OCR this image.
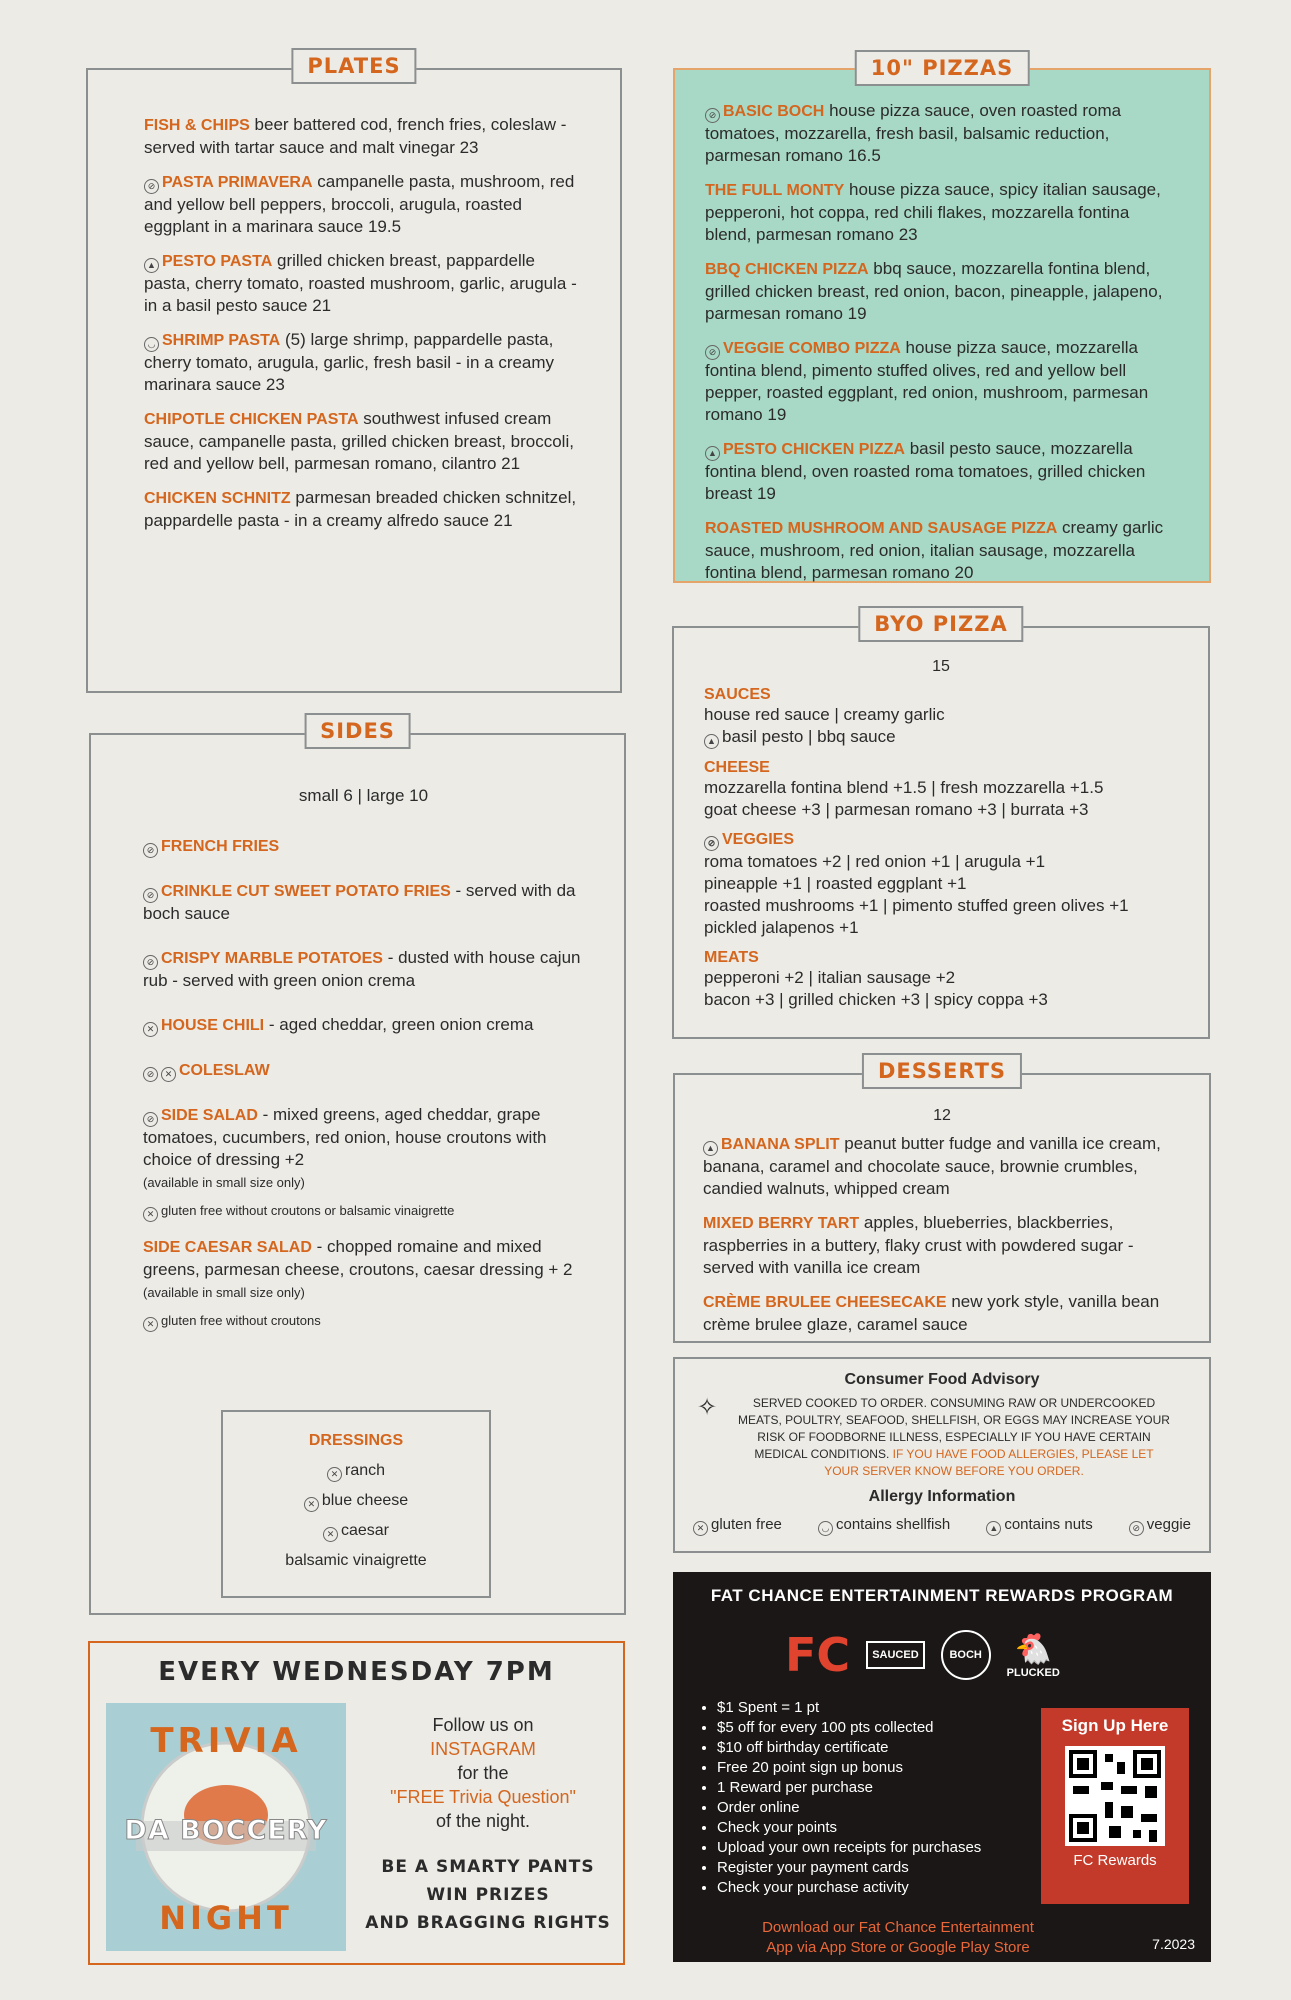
PLATES
FISH & CHIPS beer battered cod, french fries, coleslaw - served with tartar sauce and malt vinegar 23
⊘ PASTA PRIMAVERA campanelle pasta, mushroom, red and yellow bell peppers, broccoli, arugula, roasted eggplant in a marinara sauce 19.5
▲ PESTO PASTA grilled chicken breast, pappardelle pasta, cherry tomato, roasted mushroom, garlic, arugula - in a basil pesto sauce 21
◡ SHRIMP PASTA (5) large shrimp, pappardelle pasta, cherry tomato, arugula, garlic, fresh basil - in a creamy marinara sauce 23
CHIPOTLE CHICKEN PASTA southwest infused cream sauce, campanelle pasta, grilled chicken breast, broccoli, red and yellow bell, parmesan romano, cilantro 21
CHICKEN SCHNITZ parmesan breaded chicken schnitzel, pappardelle pasta - in a creamy alfredo sauce 21
SIDES
small 6 | large 10
⊘ FRENCH FRIES
⊘ CRINKLE CUT SWEET POTATO FRIES - served with da boch sauce
⊘ CRISPY MARBLE POTATOES - dusted with house cajun rub - served with green onion crema
✕ HOUSE CHILI - aged cheddar, green onion crema
⊘ ✕ COLESLAW
⊘ SIDE SALAD - mixed greens, aged cheddar, grape tomatoes, cucumbers, red onion, house croutons with choice of dressing +2
(available in small size only)
✕ gluten free without croutons or balsamic vinaigrette
SIDE CAESAR SALAD - chopped romaine and mixed greens, parmesan cheese, croutons, caesar dressing + 2
(available in small size only)
✕ gluten free without croutons
DRESSINGS
✕ ranch
✕ blue cheese
✕ caesar
balsamic vinaigrette
10" PIZZAS
⊘ BASIC BOCH house pizza sauce, oven roasted roma tomatoes, mozzarella, fresh basil, balsamic reduction, parmesan romano 16.5
THE FULL MONTY house pizza sauce, spicy italian sausage, pepperoni, hot coppa, red chili flakes, mozzarella fontina blend, parmesan romano 23
BBQ CHICKEN PIZZA bbq sauce, mozzarella fontina blend, grilled chicken breast, red onion, bacon, pineapple, jalapeno, parmesan romano 19
⊘ VEGGIE COMBO PIZZA house pizza sauce, mozzarella fontina blend, pimento stuffed olives, red and yellow bell pepper, roasted eggplant, red onion, mushroom, parmesan romano 19
▲ PESTO CHICKEN PIZZA basil pesto sauce, mozzarella fontina blend, oven roasted roma tomatoes, grilled chicken breast 19
ROASTED MUSHROOM AND SAUSAGE PIZZA creamy garlic sauce, mushroom, red onion, italian sausage, mozzarella fontina blend, parmesan romano 20
BYO PIZZA
15
SAUCES
house red sauce | creamy garlic
▲ basil pesto | bbq sauce
CHEESE
mozzarella fontina blend +1.5 | fresh mozzarella +1.5
goat cheese +3 | parmesan romano +3 | burrata +3
⊘ VEGGIES
roma tomatoes +2 | red onion +1 | arugula +1
pineapple +1 | roasted eggplant +1
roasted mushrooms +1 | pimento stuffed green olives +1
pickled jalapenos +1
MEATS
pepperoni +2 | italian sausage +2
bacon +3 | grilled chicken +3 | spicy coppa +3
DESSERTS
12
▲ BANANA SPLIT peanut butter fudge and vanilla ice cream, banana, caramel and chocolate sauce, brownie crumbles, candied walnuts, whipped cream
MIXED BERRY TART apples, blueberries, blackberries, raspberries in a buttery, flaky crust with powdered sugar - served with vanilla ice cream
CRÈME BRULEE CHEESECAKE new york style, vanilla bean crème brulee glaze, caramel sauce
Consumer Food Advisory
✧	SERVED COOKED TO ORDER. CONSUMING RAW OR UNDERCOOKED MEATS, POULTRY, SEAFOOD, SHELLFISH, OR EGGS MAY INCREASE YOUR RISK OF FOODBORNE ILLNESS, ESPECIALLY IF YOU HAVE CERTAIN MEDICAL CONDITIONS. IF YOU HAVE FOOD ALLERGIES, PLEASE LET YOUR SERVER KNOW BEFORE YOU ORDER.
Allergy Information
✕ gluten free	◡ contains shellfish	▲ contains nuts	⊘ veggie
FAT CHANCE ENTERTAINMENT REWARDS PROGRAM
FC	SAUCED	BOCH 🐔
PLUCKED
• $1 Spent = 1 pt
• $5 off for every 100 pts collected
• $10 off birthday certificate
• Free 20 point sign up bonus
• 1 Reward per purchase
• Order online
• Check your points
• Upload your own receipts for purchases
• Register your payment cards
• Check your purchase activity
Sign Up Here
FC Rewards
Download our Fat Chance Entertainment App via App Store or Google Play Store	7.2023
EVERY WEDNESDAY 7PM
TRIVIA
DA BOCCERY
NIGHT
Follow us on
INSTAGRAM
for the
"FREE Trivia Question"
of the night.
BE A SMARTY PANTS
WIN PRIZES
AND BRAGGING RIGHTS
